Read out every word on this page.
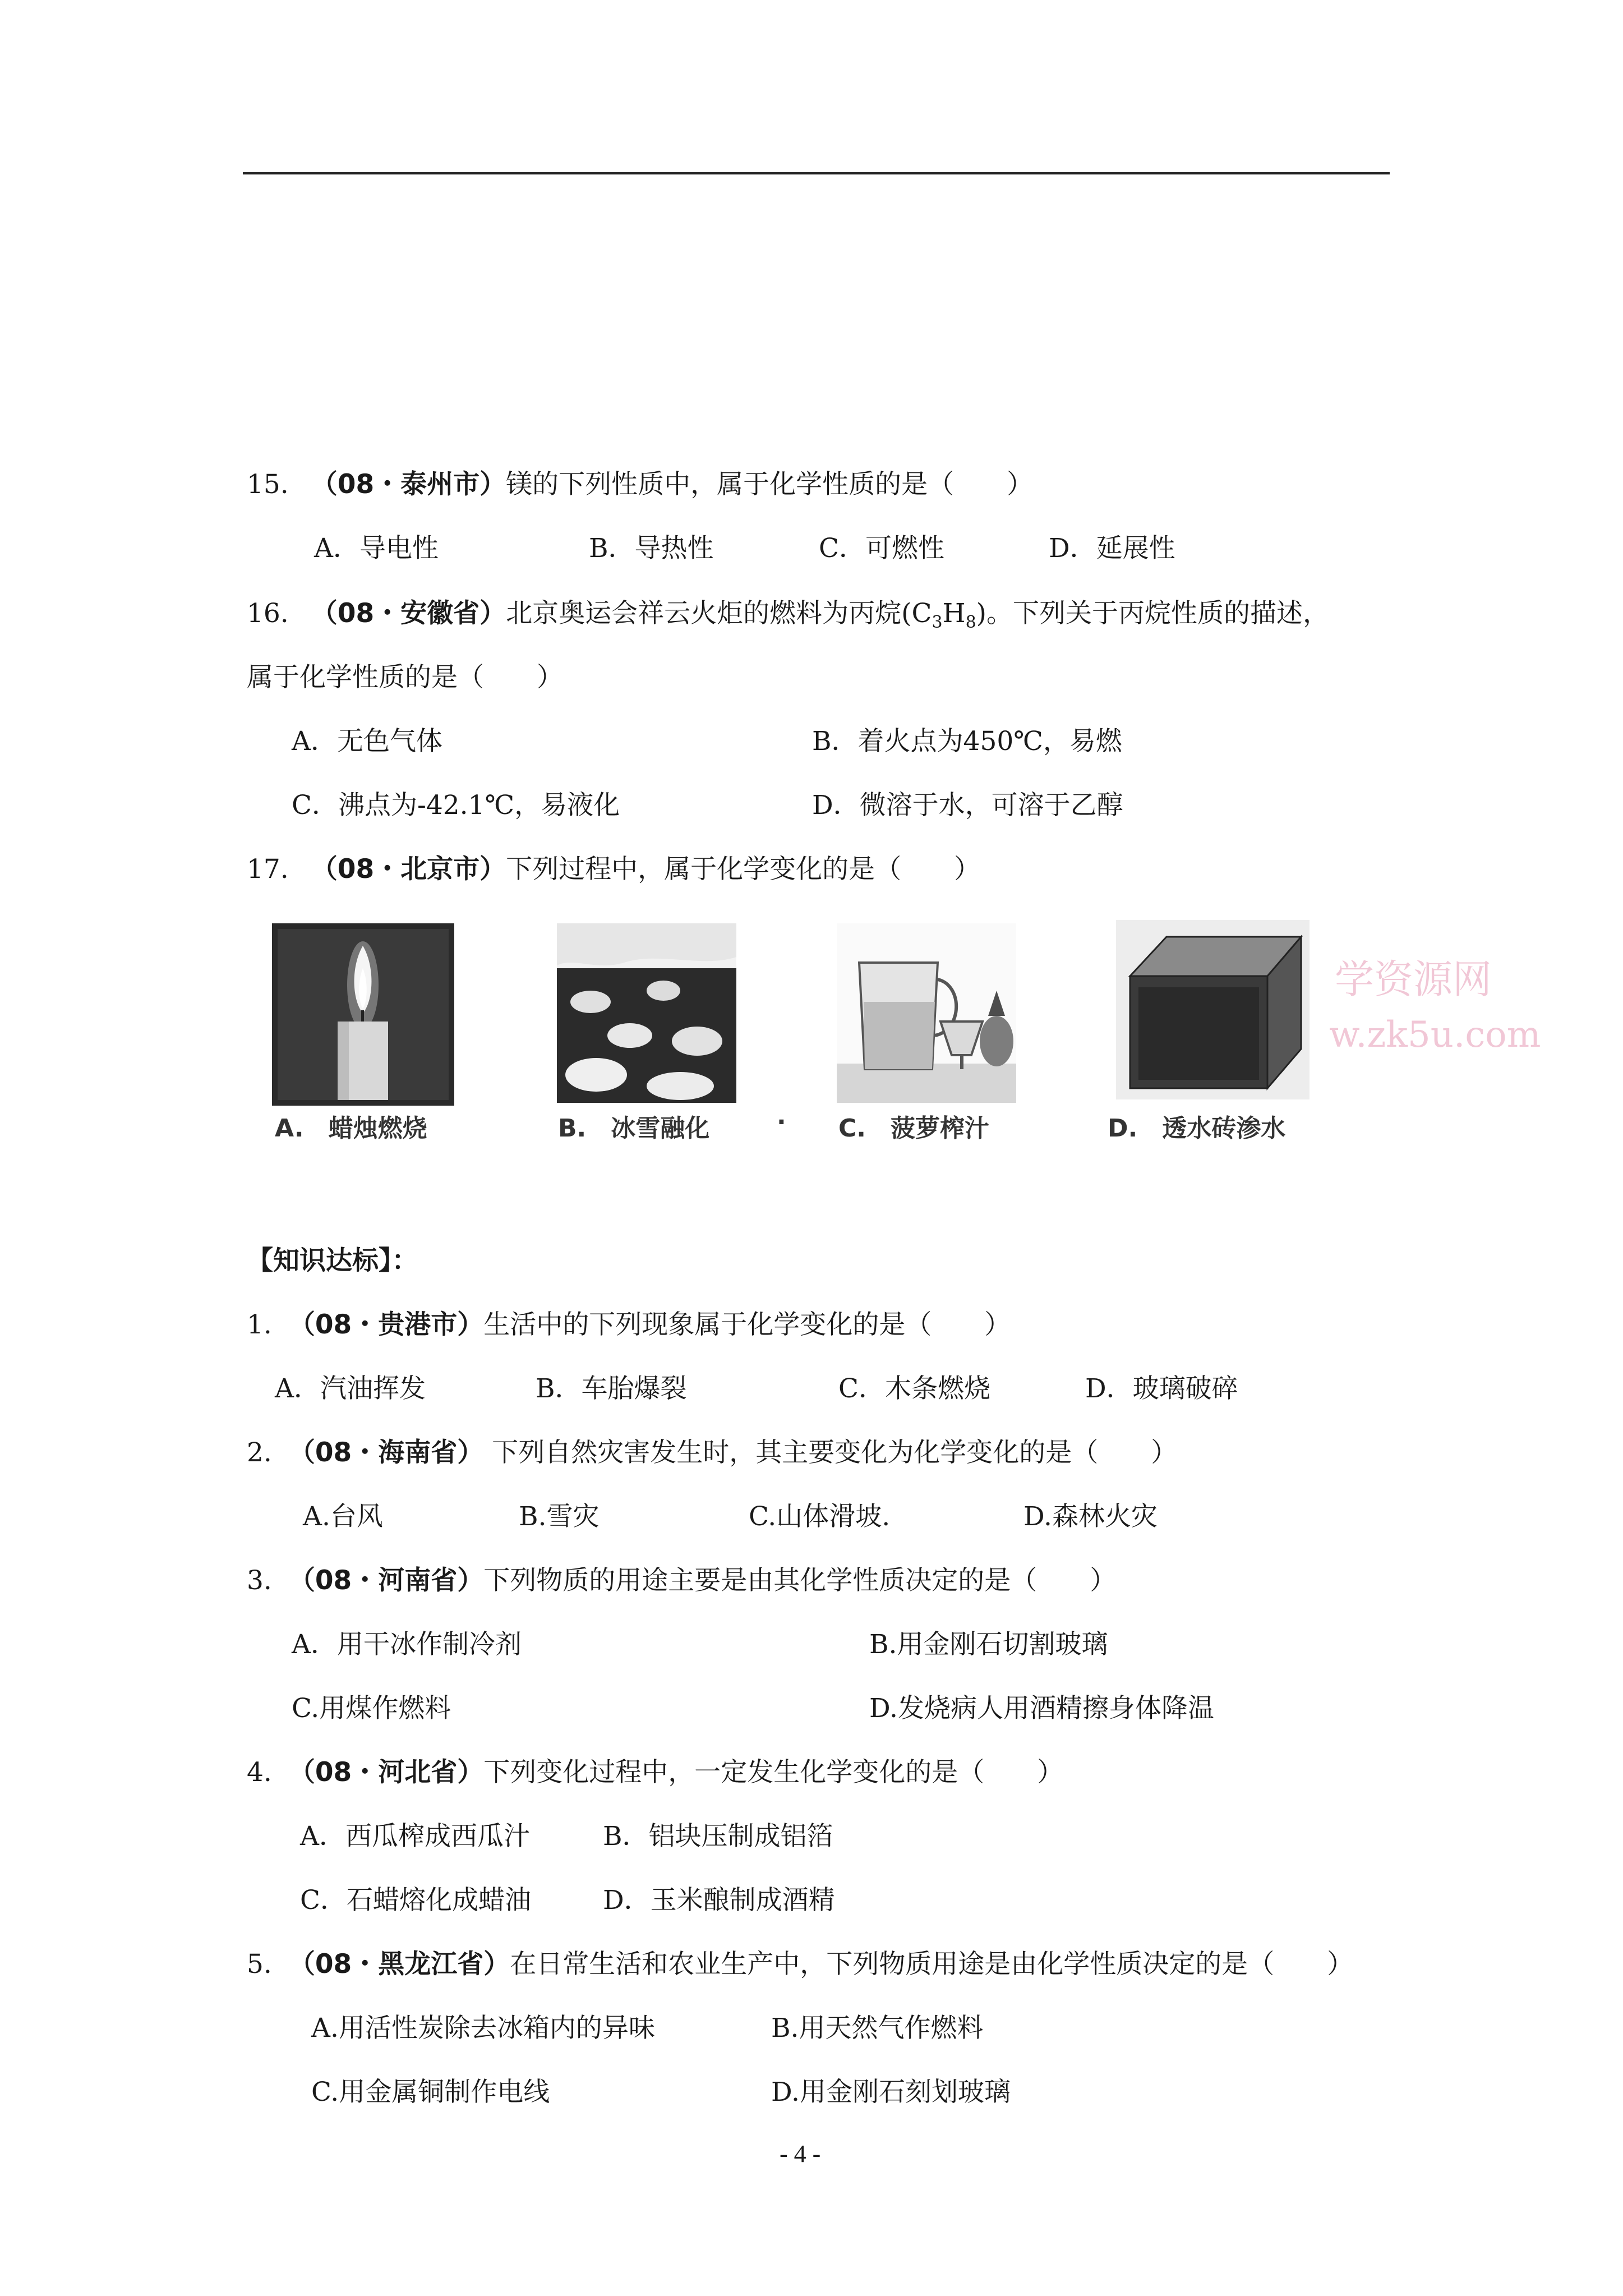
15. （08・泰州市）镁的下列性质中，属于化学性质的是（　　）
A．导电性	B．导热性	C．可燃性	D．延展性
16. （08・安徽省）北京奥运会祥云火炬的燃料为丙烷$(C_3H_8)$。下列关于丙烷性质的描述，
属于化学性质的是（　　）
A．无色气体	B．着火点为450℃，易燃
C．沸点为-42.1℃，易液化	D．微溶于水，可溶于乙醇
17. （08・北京市）下列过程中，属于化学变化的是（　　）
A.　蜡烛燃烧	B.　冰雪融化	· C.　菠萝榨汁	D.　透水砖渗水
学资源网
w.zk5u.com
【知识达标】：
1. （08・贵港市）生活中的下列现象属于化学变化的是（　　）
A．汽油挥发	B．车胎爆裂	C．木条燃烧	D．玻璃破碎
2. （08・海南省） 下列自然灾害发生时，其主要变化为化学变化的是（　　）
A.台风	B.雪灾	C.山体滑坡.	D.森林火灾
3. （08・河南省）下列物质的用途主要是由其化学性质决定的是（　　）
A．用干冰作制冷剂	B.用金刚石切割玻璃
C.用煤作燃料	D.发烧病人用酒精擦身体降温
4. （08・河北省）下列变化过程中，一定发生化学变化的是（　　）
A．西瓜榨成西瓜汁	B．铝块压制成铝箔
C．石蜡熔化成蜡油	D．玉米酿制成酒精
5. （08・黑龙江省）在日常生活和农业生产中，下列物质用途是由化学性质决定的是（　　）
A.用活性炭除去冰箱内的异味	B.用天然气作燃料
C.用金属铜制作电线	D.用金刚石刻划玻璃
- 4 -
